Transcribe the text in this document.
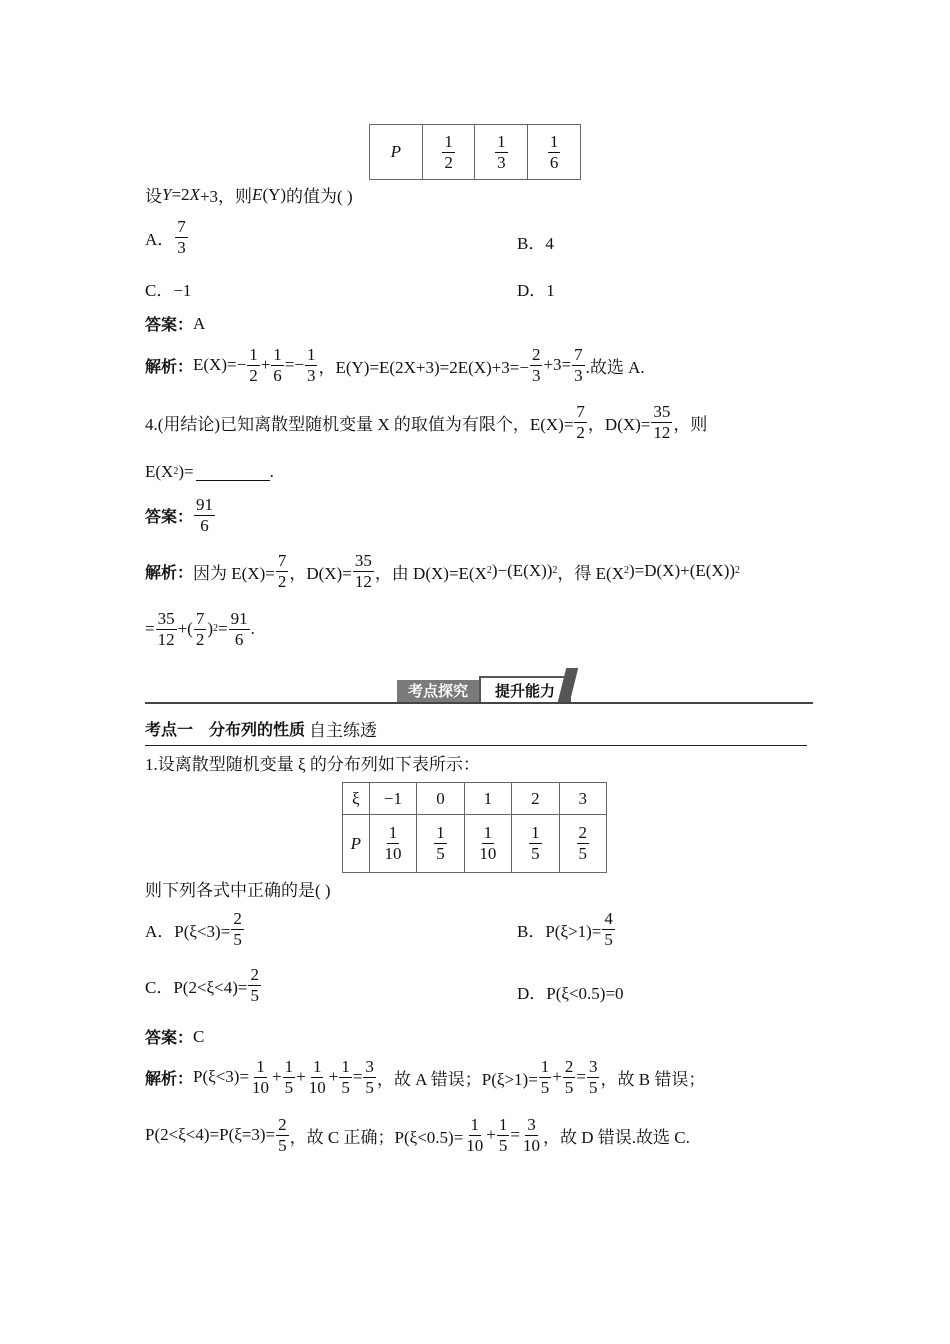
P	$\frac{1}{2}$	$\frac{1}{3}$	$\frac{1}{6}$
设 Y =2 X +3，则 E (Y) 的值为( )
A． $\frac{7}{3}$	B．4
C．−1	D．1
答案： A
解析： $E(X)=- \frac{1}{2} + \frac{1}{6} =- \frac{1}{3}$ ，$E(Y)=E(2X+3)=2E(X)+3=- \frac{2}{3} +3= \frac{7}{3}$ .故选 A.
4.(用结论)已知离散型随机变量 X 的取值为有限个，$E(X)= \frac{7}{2}$ ，$D(X)= \frac{35}{12}$ ，则
E(X 2 )=	.
答案： $\frac{91}{6}$
解析： 因为 $E(X)= \frac{7}{2}$ ，$D(X)= \frac{35}{12}$ ，由 D(X)=E(X 2 )−(E(X)) 2 ，得 E(X 2 )=D(X)+(E(X)) 2
= $\frac{35}{12}$ +( $\frac{7}{2}$ ) $2 = \frac{91}{6}$ .
考点探究	提升能力
考点一　分布列的性质 自主练透
1.设离散型随机变量 ξ 的分布列如下表所示：
ξ	−1	0	1	2	3
P	$\frac{1}{10}$	$\frac{1}{5}$	$\frac{1}{10}$	$\frac{1}{5}$	$\frac{2}{5}$
则下列各式中正确的是( )
A．$P(\xi<3)= \frac{2}{5}$	B．$P(\xi>1)= \frac{4}{5}$
C．$P(2<\xi<4)= \frac{2}{5}$	D．P(ξ<0.5)=0
答案： C
解析： $P(\xi<3)= \frac{1}{10} + \frac{1}{5} + \frac{1}{10} + \frac{1}{5} = \frac{3}{5}$ ，故 A 错误；$P(\xi>1)= \frac{1}{5} + \frac{2}{5} = \frac{3}{5}$ ，故 B 错误；
$P(2<\xi<4)=P(\xi=3)= \frac{2}{5}$ ，故 C 正确；$P(\xi<0.5)= \frac{1}{10} + \frac{1}{5} = \frac{3}{10}$ ，故 D 错误.故选 C.
